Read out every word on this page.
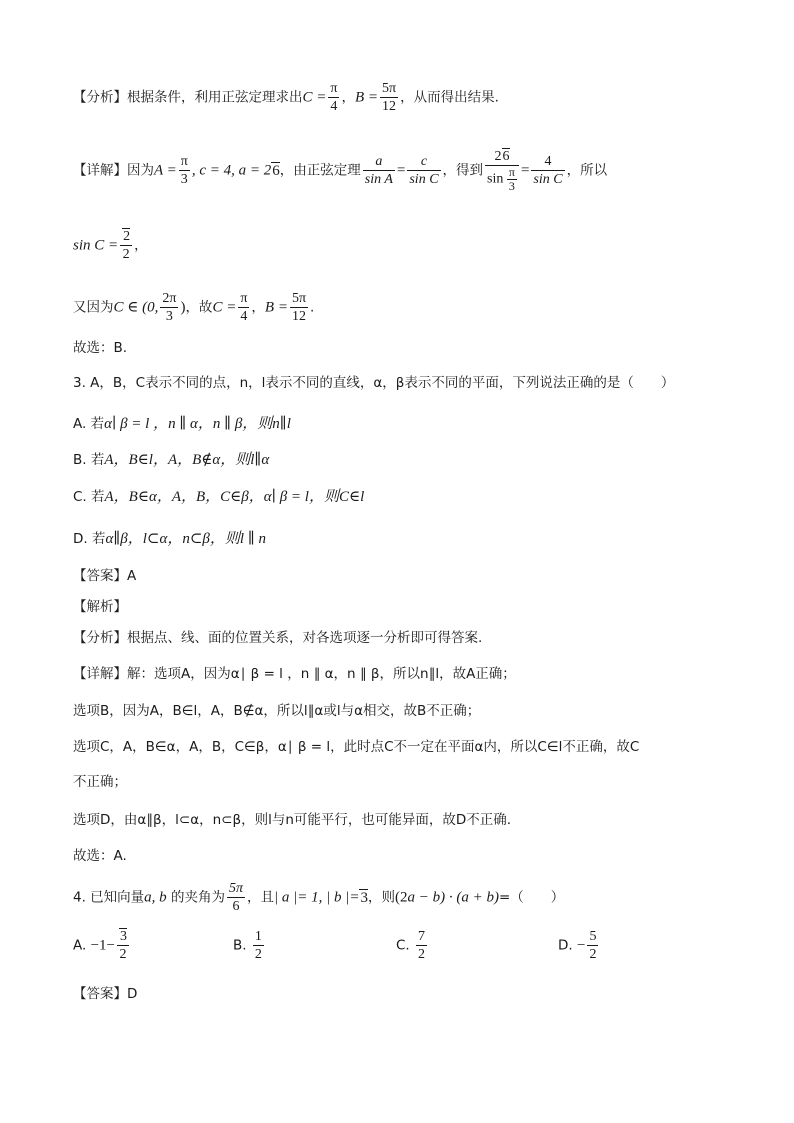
【分析】根据条件，利用正弦定理求出$C = \frac{\pi}{4}$ ，$B = \frac{5\pi}{12}$ ，从而得出结果.
【详解】因为$A = \frac{\pi}{3}$ , c = 4, a = 26，由正弦定理 $\frac{a}{\text{sin A}} = \frac{c}{\text{sin C}}$ ，得到 $\frac{26}{\sin \frac{\pi}{3}} = \frac{4}{\text{sin C}}$ ，所以
$\sin C = \frac{2}{2}$ ，
又因为C ∈ (0, $\frac{2\pi}{3}$ )，故$C = \frac{\pi}{4}$ ，$B = \frac{5\pi}{12}$ .
故选：B.
3. A，B，C表示不同的点，n，l表示不同的直线，α，β表示不同的平面，下列说法正确的是（　　）
A. 若α∣ β = l ，n ∥ α，n ∥ β，则n∥l
B. 若A，B∈l，A，B∉α，则l∥α
C. 若A，B∈α，A，B，C∈β，α∣ β = l，则C∈l
D. 若α∥β，l⊂α，n⊂β，则l ∥ n
【答案】A
【解析】
【分析】根据点、线、面的位置关系，对各选项逐一分析即可得答案.
【详解】解：选项A，因为α∣ β = l ，n ∥ α，n ∥ β，所以n∥l，故A正确；
选项B，因为A，B∈l，A，B∉α，所以l∥α或l与α相交，故B不正确；
选项C，A，B∈α，A，B，C∈β，α∣ β = l，此时点C不一定在平面α内，所以C∈l不正确，故C
不正确；
选项D，由α∥β，l⊂α，n⊂β，则l与n可能平行，也可能异面，故D不正确.
故选：A.
4. 已知向量a, b 的夹角为 $\frac{5\pi}{6}$ ，且| a |= 1, | b |=3，则(2a − b) · (a + b)=（　　）
A. $-1- \frac{3}{2}$	B. $\frac{1}{2}$	C. $\frac{7}{2}$	D. − $\frac{5}{2}$
【答案】D
